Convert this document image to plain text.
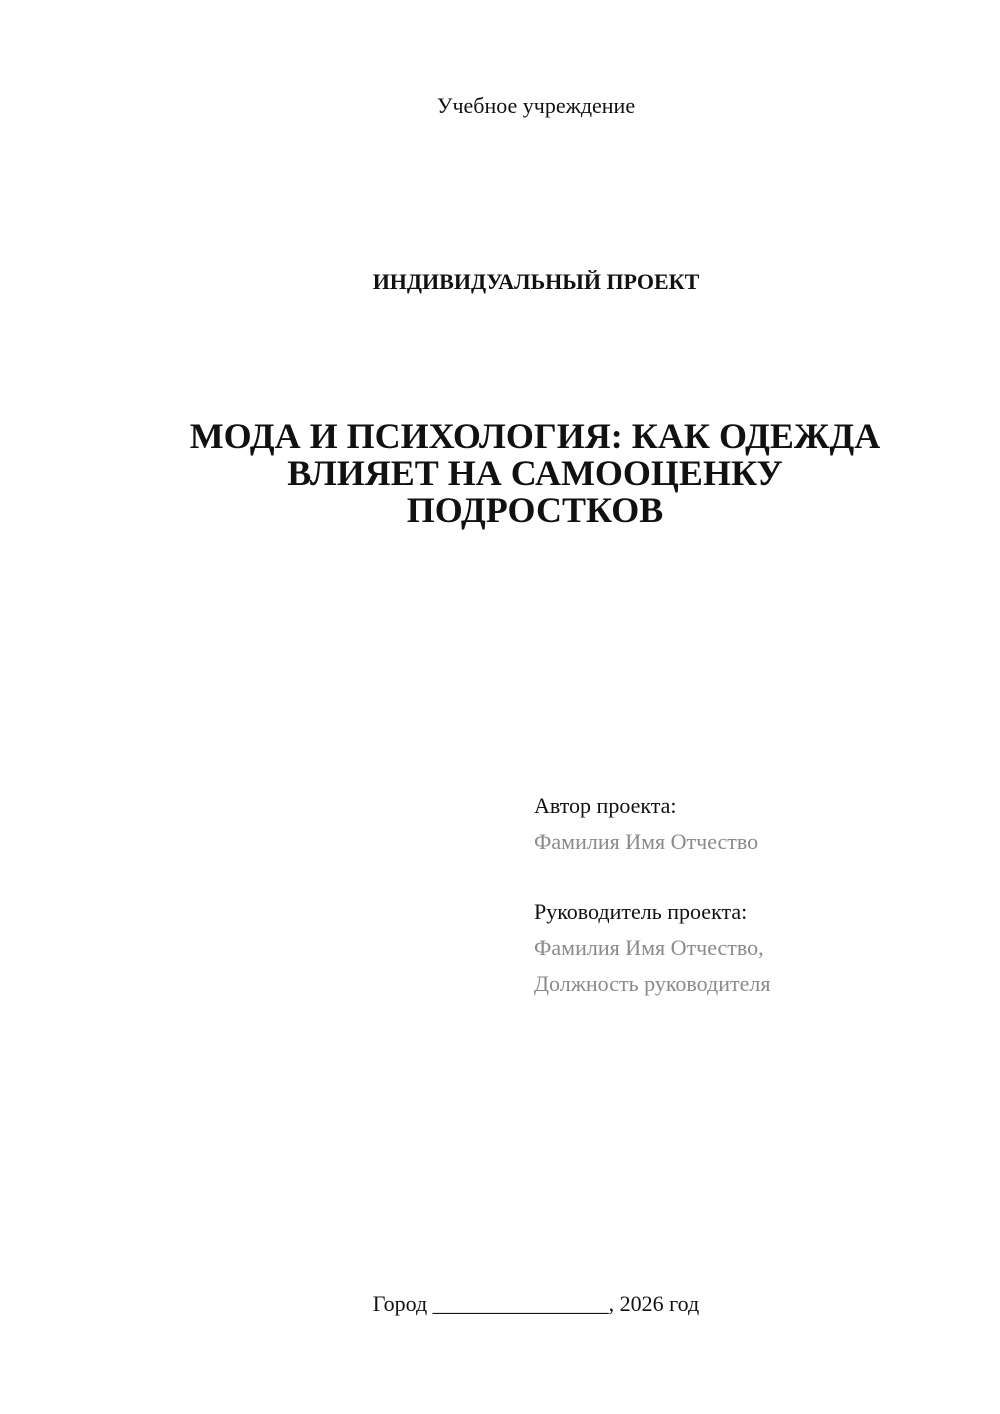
Учебное учреждение
ИНДИВИДУАЛЬНЫЙ ПРОЕКТ
МОДА И ПСИХОЛОГИЯ: КАК ОДЕЖДА
ВЛИЯЕТ НА САМООЦЕНКУ
ПОДРОСТКОВ
Автор проекта:
Фамилия Имя Отчество
Руководитель проекта:
Фамилия Имя Отчество,
Должность руководителя
Город ________________, 2026 год
